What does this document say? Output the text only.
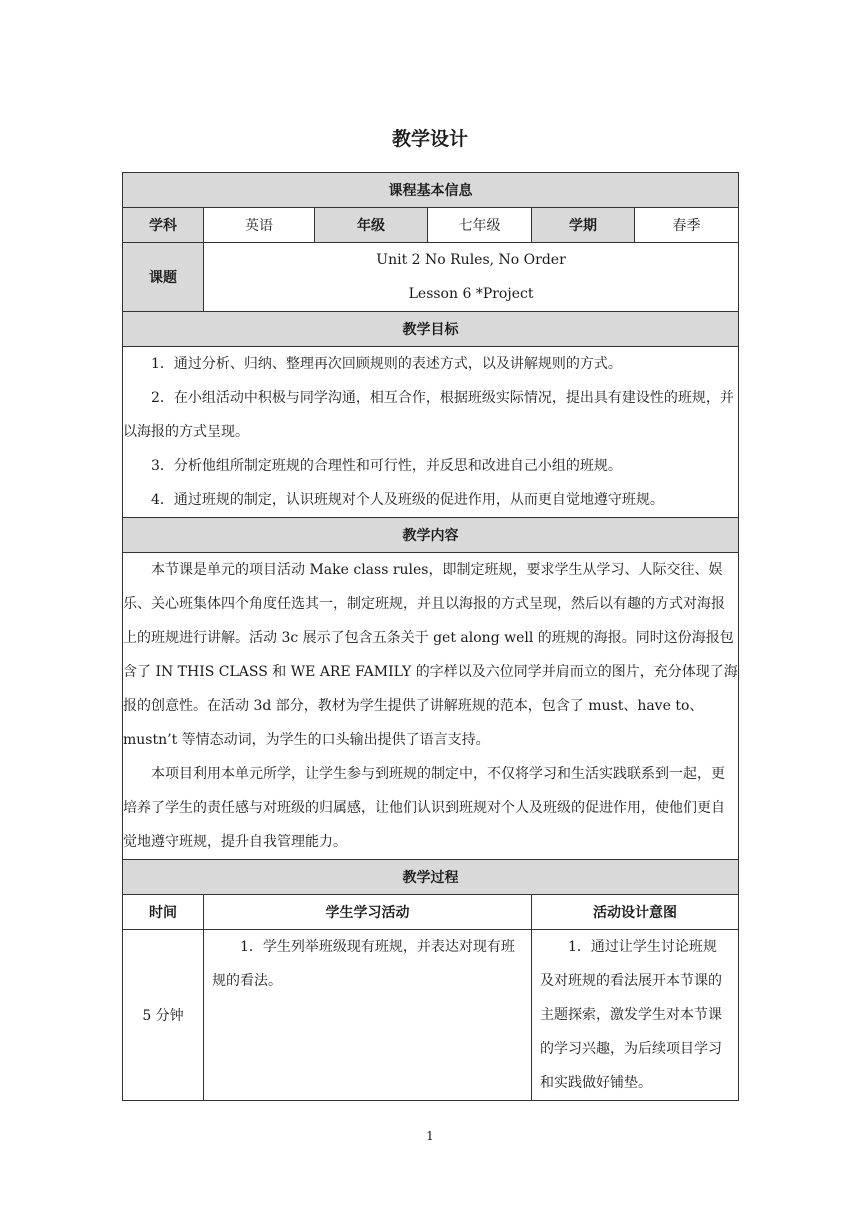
教学设计
课程基本信息					
学科	英语	年级	七年级	学期	春季
课题	Unit 2 No Rules, No Order
Lesson 6 *Project				

教学目标					

1．通过分析、归纳、整理再次回顾规则的表述方式，以及讲解规则的方式。

2．在小组活动中积极与同学沟通，相互合作，根据班级实际情况，提出具有建设性的班规，并以海报的方式呈现。

3．分析他组所制定班规的合理性和可行性，并反思和改进自己小组的班规。

4．通过班规的制定，认识班规对个人及班级的促进作用，从而更自觉地遵守班规。					

教学内容					

本节课是单元的项目活动 Make class rules，即制定班规，要求学生从学习、人际交往、娱乐、关心班集体四个角度任选其一，制定班规，并且以海报的方式呈现，然后以有趣的方式对海报上的班规进行讲解。活动 3c 展示了包含五条关于 get along well 的班规的海报。同时这份海报包含了 IN THIS CLASS 和 WE ARE FAMILY 的字样以及六位同学并肩而立的图片，充分体现了海报的创意性。在活动 3d 部分，教材为学生提供了讲解班规的范本，包含了 must、have to、mustn’t 等情态动词，为学生的口头输出提供了语言支持。

本项目利用本单元所学，让学生参与到班规的制定中，不仅将学习和生活实践联系到一起，更培养了学生的责任感与对班级的归属感，让他们认识到班规对个人及班级的促进作用，使他们更自觉地遵守班规，提升自我管理能力。					

教学过程					
时间	学生学习活动			活动设计意图	
5 分钟	1．学生列举班级现有班规，并表达对现有班规的看法。			1．通过让学生讨论班规及对班规的看法展开本节课的主题探索，激发学生对本节课的学习兴趣，为后续项目学习和实践做好铺垫。	

1
